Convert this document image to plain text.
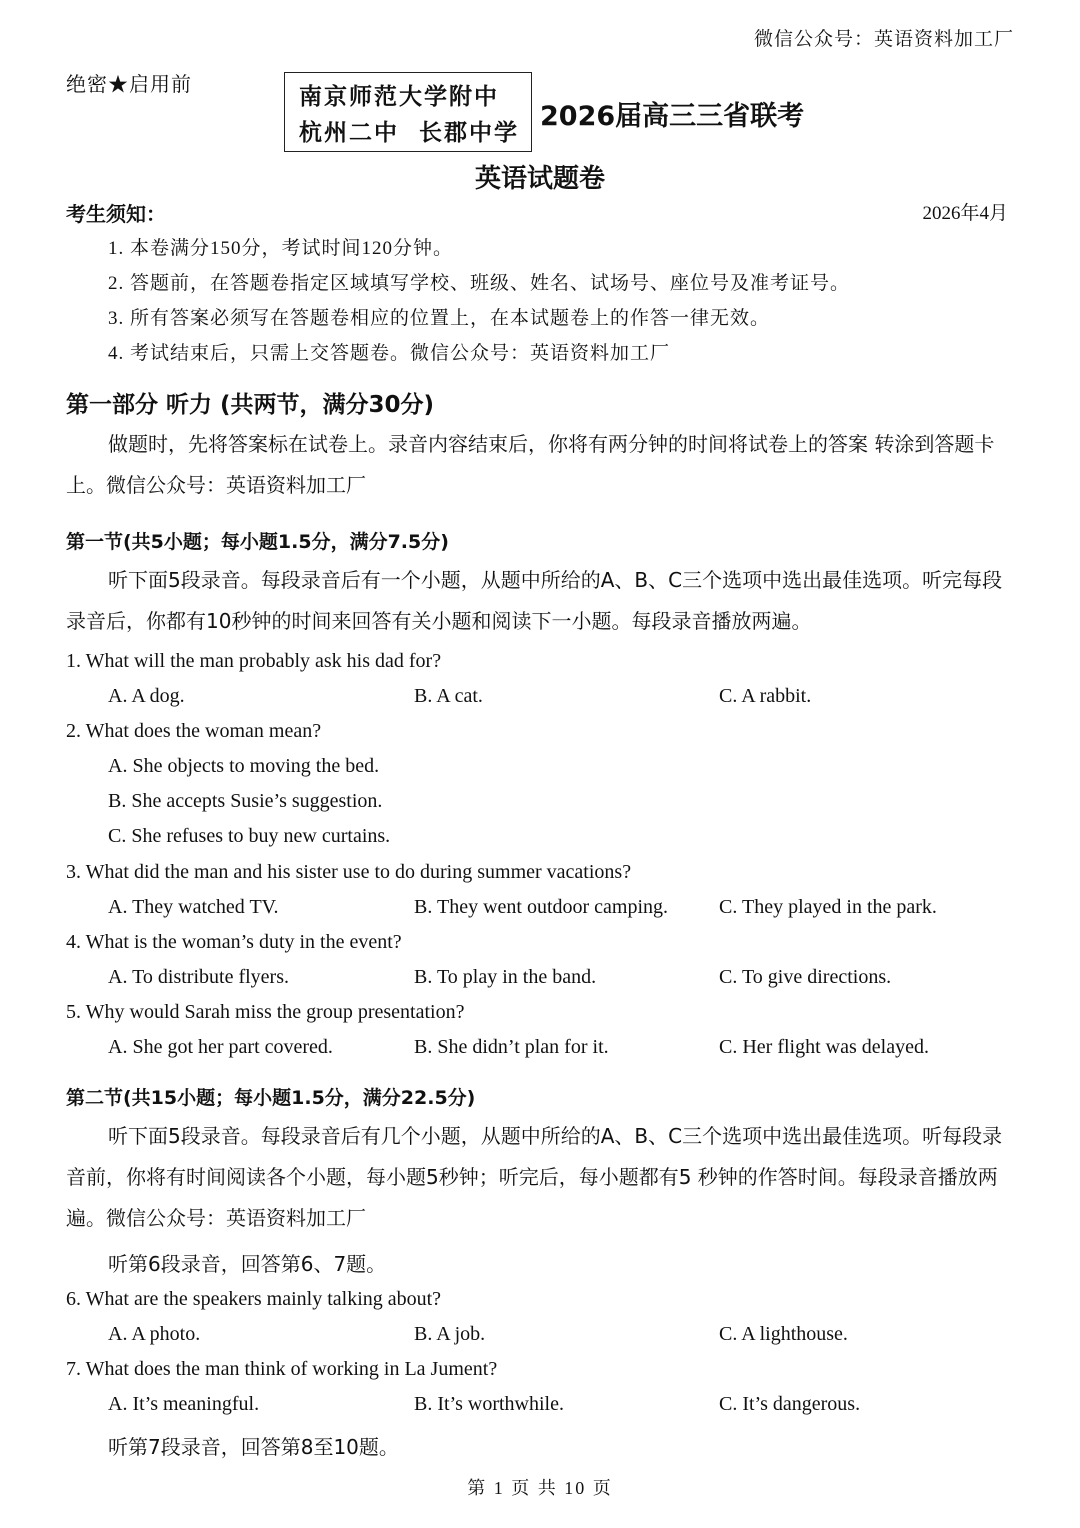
微信公众号：英语资料加工厂
绝密★启用前	南京师范大学附中
杭州二中  长郡中学
2026届高三三省联考
英语试题卷
考生须知：	2026年4月
1. 本卷满分150分，考试时间120分钟。
2. 答题前，在答题卷指定区域填写学校、班级、姓名、试场号、座位号及准考证号。
3. 所有答案必须写在答题卷相应的位置上，在本试题卷上的作答一律无效。
4. 考试结束后，只需上交答题卷。微信公众号：英语资料加工厂
第一部分 听力 (共两节，满分30分)
做题时，先将答案标在试卷上。录音内容结束后，你将有两分钟的时间将试卷上的答案 转涂到答题卡上。微信公众号：英语资料加工厂
第一节(共5小题；每小题1.5分，满分7.5分)
听下面5段录音。每段录音后有一个小题，从题中所给的A、B、C三个选项中选出最佳选项。听完每段录音后，你都有10秒钟的时间来回答有关小题和阅读下一小题。每段录音播放两遍。
1. What will the man probably ask his dad for?
A. A dog.	B. A cat.	C. A rabbit.
2. What does the woman mean?
A. She objects to moving the bed.
B. She accepts Susie’s suggestion.
C. She refuses to buy new curtains.
3. What did the man and his sister use to do during summer vacations?
A. They watched TV.	B. They went outdoor camping.	C. They played in the park.
4. What is the woman’s duty in the event?
A. To distribute flyers.	B. To play in the band.	C. To give directions.
5. Why would Sarah miss the group presentation?
A. She got her part covered.	B. She didn’t plan for it.	C. Her flight was delayed.
第二节(共15小题；每小题1.5分，满分22.5分)
听下面5段录音。每段录音后有几个小题，从题中所给的A、B、C三个选项中选出最佳选项。听每段录音前，你将有时间阅读各个小题，每小题5秒钟；听完后，每小题都有5 秒钟的作答时间。每段录音播放两遍。微信公众号：英语资料加工厂
听第6段录音，回答第6、7题。
6. What are the speakers mainly talking about?
A. A photo.	B. A job.	C. A lighthouse.
7. What does the man think of working in La Jument?
A. It’s meaningful.	B. It’s worthwhile.	C. It’s dangerous.
听第7段录音，回答第8至10题。
第 1 页 共 10 页
